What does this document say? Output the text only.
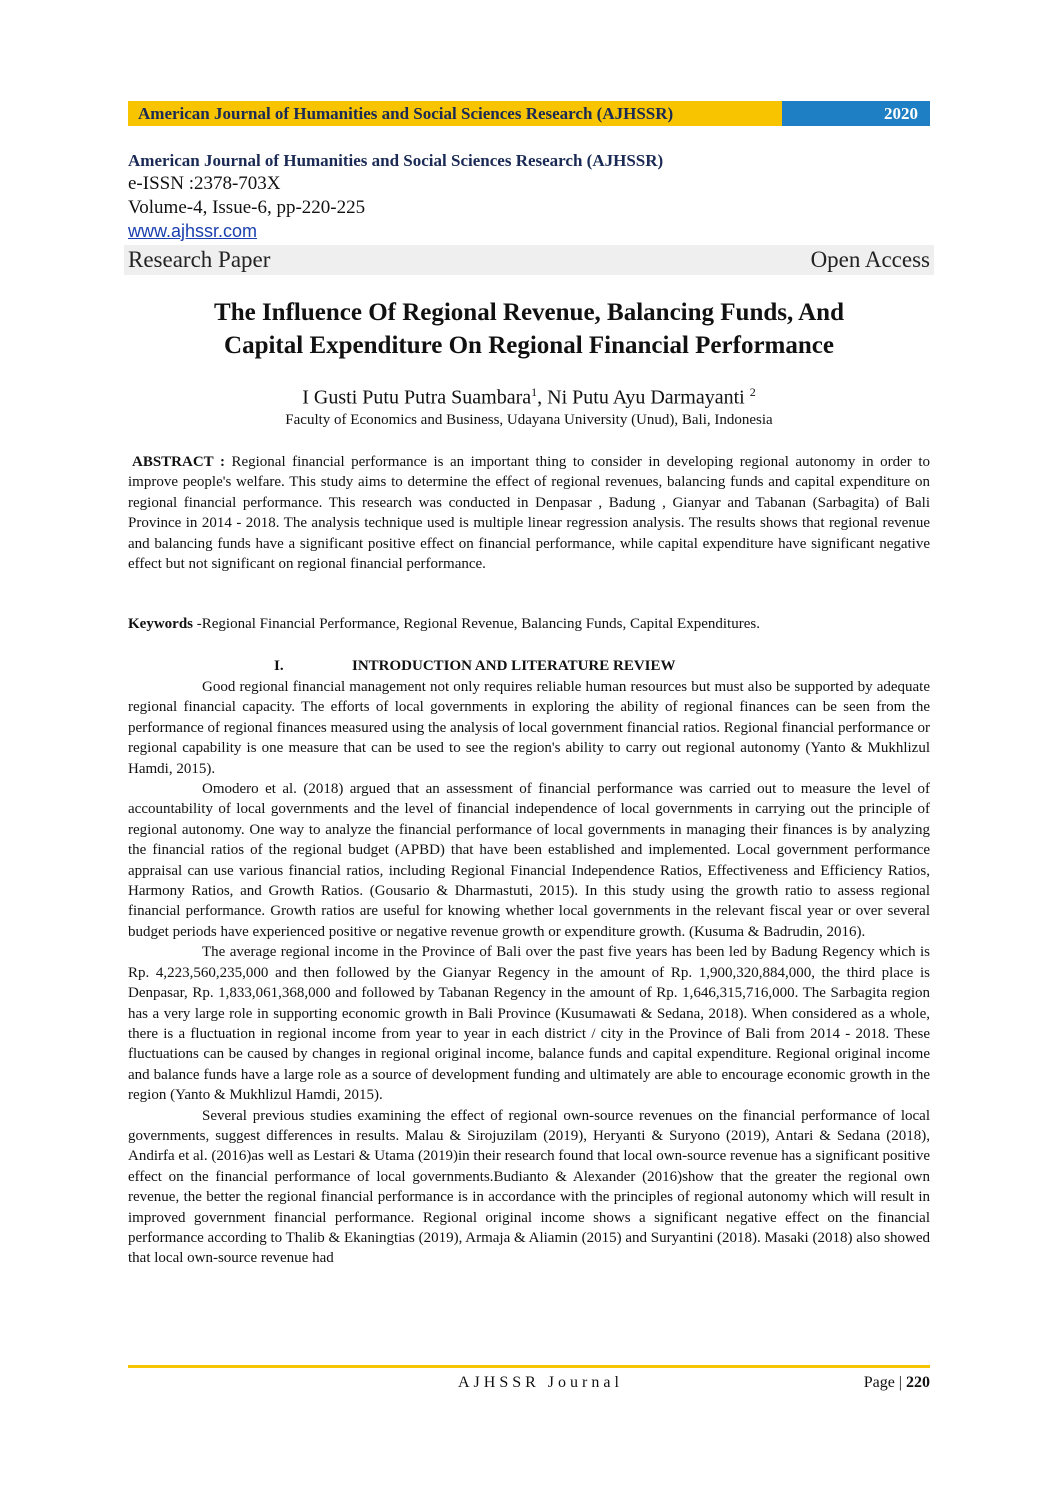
American Journal of Humanities and Social Sciences Research (AJHSSR)	2020
American Journal of Humanities and Social Sciences Research (AJHSSR)
e-ISSN :2378-703X
Volume-4, Issue-6, pp-220-225
www.ajhssr.com
Research Paper	Open Access
The Influence Of Regional Revenue, Balancing Funds, And
Capital Expenditure On Regional Financial Performance
I Gusti Putu Putra Suambara$^1$, Ni Putu Ayu Darmayanti $^2$
Faculty of Economics and Business, Udayana University (Unud), Bali, Indonesia
ABSTRACT : Regional financial performance is an important thing to consider in developing regional autonomy in order to improve people's welfare. This study aims to determine the effect of regional revenues, balancing funds and capital expenditure on regional financial performance. This research was conducted in Denpasar , Badung , Gianyar and Tabanan (Sarbagita) of Bali Province in 2014 - 2018. The analysis technique used is multiple linear regression analysis. The results shows that regional revenue and balancing funds have a significant positive effect on financial performance, while capital expenditure have significant negative effect but not significant on regional financial performance.
Keywords -Regional Financial Performance, Regional Revenue, Balancing Funds, Capital Expenditures.
I.	INTRODUCTION AND LITERATURE REVIEW

Good regional financial management not only requires reliable human resources but must also be supported by adequate regional financial capacity. The efforts of local governments in exploring the ability of regional finances can be seen from the performance of regional finances measured using the analysis of local government financial ratios. Regional financial performance or regional capability is one measure that can be used to see the region's ability to carry out regional autonomy (Yanto & Mukhlizul Hamdi, 2015).

Omodero et al. (2018) argued that an assessment of financial performance was carried out to measure the level of accountability of local governments and the level of financial independence of local governments in carrying out the principle of regional autonomy. One way to analyze the financial performance of local governments in managing their finances is by analyzing the financial ratios of the regional budget (APBD) that have been established and implemented. Local government performance appraisal can use various financial ratios, including Regional Financial Independence Ratios, Effectiveness and Efficiency Ratios, Harmony Ratios, and Growth Ratios. (Gousario & Dharmastuti, 2015). In this study using the growth ratio to assess regional financial performance. Growth ratios are useful for knowing whether local governments in the relevant fiscal year or over several budget periods have experienced positive or negative revenue growth or expenditure growth. (Kusuma & Badrudin, 2016).

The average regional income in the Province of Bali over the past five years has been led by Badung Regency which is Rp. 4,223,560,235,000 and then followed by the Gianyar Regency in the amount of Rp. 1,900,320,884,000, the third place is Denpasar, Rp. 1,833,061,368,000 and followed by Tabanan Regency in the amount of Rp. 1,646,315,716,000. The Sarbagita region has a very large role in supporting economic growth in Bali Province (Kusumawati & Sedana, 2018). When considered as a whole, there is a fluctuation in regional income from year to year in each district / city in the Province of Bali from 2014 - 2018. These fluctuations can be caused by changes in regional original income, balance funds and capital expenditure. Regional original income and balance funds have a large role as a source of development funding and ultimately are able to encourage economic growth in the region (Yanto & Mukhlizul Hamdi, 2015).

Several previous studies examining the effect of regional own-source revenues on the financial performance of local governments, suggest differences in results. Malau & Sirojuzilam (2019), Heryanti & Suryono (2019), Antari & Sedana (2018), Andirfa et al. (2016)as well as Lestari & Utama (2019)in their research found that local own-source revenue has a significant positive effect on the financial performance of local governments.Budianto & Alexander (2016)show that the greater the regional own revenue, the better the regional financial performance is in accordance with the principles of regional autonomy which will result in improved government financial performance. Regional original income shows a significant negative effect on the financial performance according to Thalib & Ekaningtias (2019), Armaja & Aliamin (2015) and Suryantini (2018). Masaki (2018) also showed that local own-source revenue had

AJHSSR Journal	Page | 220
